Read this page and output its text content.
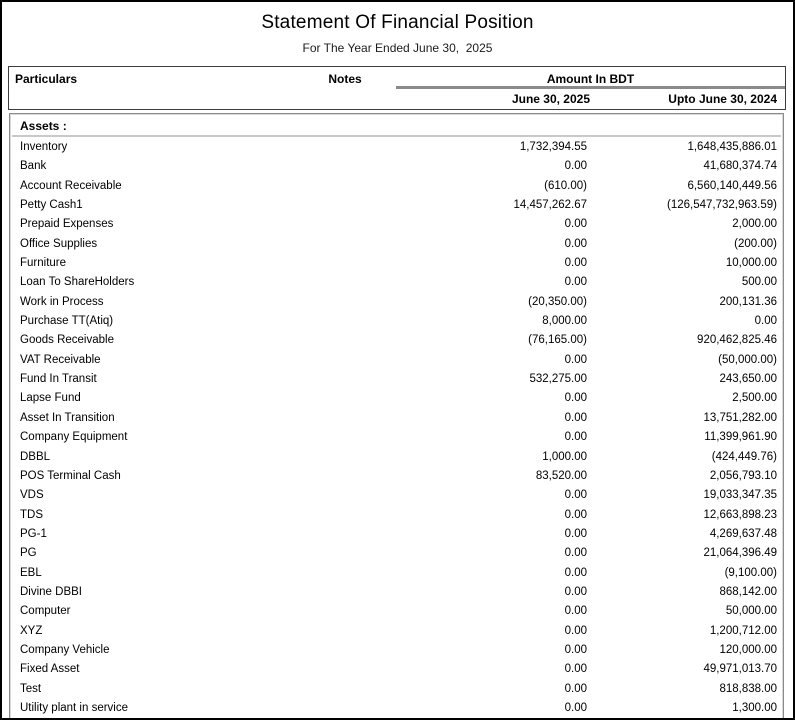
Statement Of Financial Position
For The Year Ended June 30,  2025
Particulars	Notes	Amount In BDT
June 30, 2025	Upto June 30, 2024
Assets :
Inventory	1,732,394.55	1,648,435,886.01
Bank	0.00	41,680,374.74
Account Receivable	(610.00)	6,560,140,449.56
Petty Cash1	14,457,262.67	(126,547,732,963.59)
Prepaid Expenses	0.00	2,000.00
Office Supplies	0.00	(200.00)
Furniture	0.00	10,000.00
Loan To ShareHolders	0.00	500.00
Work in Process	(20,350.00)	200,131.36
Purchase TT(Atiq)	8,000.00	0.00
Goods Receivable	(76,165.00)	920,462,825.46
VAT Receivable	0.00	(50,000.00)
Fund In Transit	532,275.00	243,650.00
Lapse Fund	0.00	2,500.00
Asset In Transition	0.00	13,751,282.00
Company Equipment	0.00	11,399,961.90
DBBL	1,000.00	(424,449.76)
POS Terminal Cash	83,520.00	2,056,793.10
VDS	0.00	19,033,347.35
TDS	0.00	12,663,898.23
PG-1	0.00	4,269,637.48
PG	0.00	21,064,396.49
EBL	0.00	(9,100.00)
Divine DBBI	0.00	868,142.00
Computer	0.00	50,000.00
XYZ	0.00	1,200,712.00
Company Vehicle	0.00	120,000.00
Fixed Asset	0.00	49,971,013.70
Test	0.00	818,838.00
Utility plant in service	0.00	1,300.00
